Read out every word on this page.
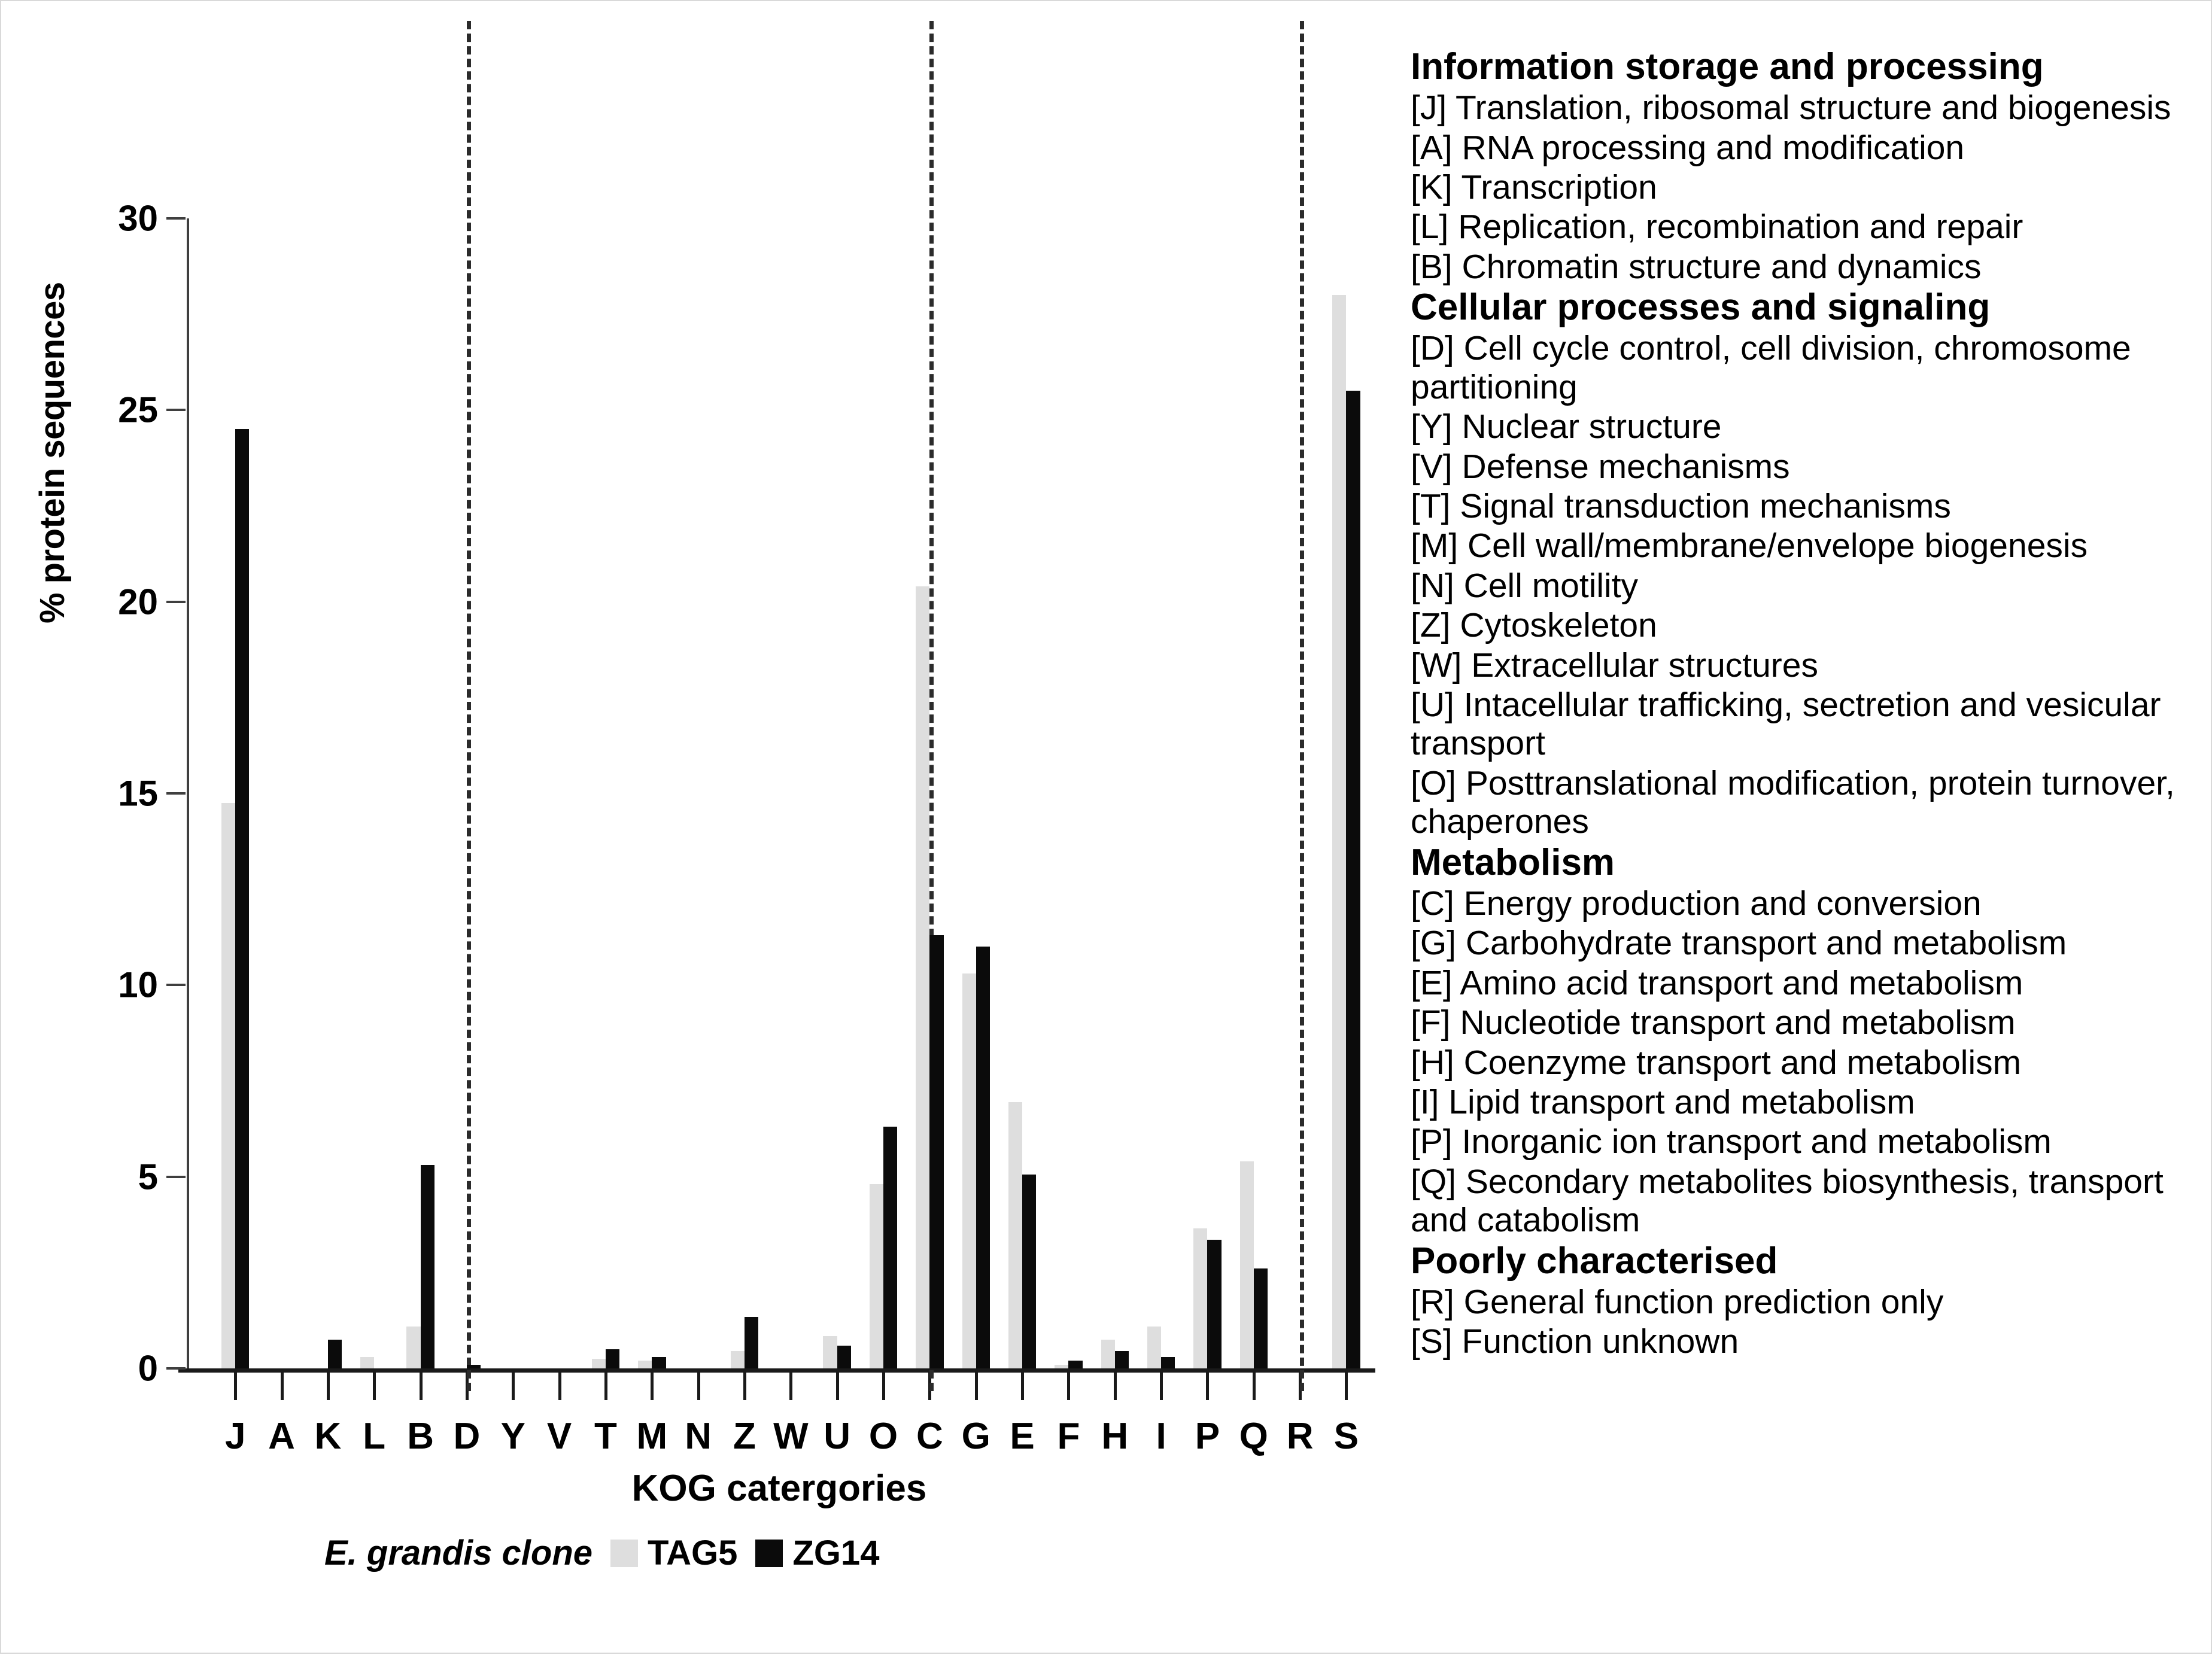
% protein sequences
0
5
10
15
20
25
30
J A K L B D Y V T M N Z W U O C G E F H I P Q R S
KOG catergories
E. grandis clone TAG5 ZG14
Information storage and processing
[J] Translation, ribosomal structure and biogenesis
[A] RNA processing and modification
[K] Transcription
[L] Replication, recombination and repair
[B] Chromatin structure and dynamics
Cellular processes and signaling
[D] Cell cycle control, cell division, chromosome partitioning
[Y] Nuclear structure
[V] Defense mechanisms
[T] Signal transduction mechanisms
[M] Cell wall/membrane/envelope biogenesis
[N] Cell motility
[Z] Cytoskeleton
[W] Extracellular structures
[U] Intacellular trafficking, sectretion and vesicular transport
[O] Posttranslational modification, protein turnover, chaperones
Metabolism
[C] Energy production and conversion
[G] Carbohydrate transport and metabolism
[E] Amino acid transport and metabolism
[F] Nucleotide transport and metabolism
[H] Coenzyme transport and metabolism
[I] Lipid transport and metabolism
[P] Inorganic ion transport and metabolism
[Q] Secondary metabolites biosynthesis, transport and catabolism
Poorly characterised
[R] General function prediction only
[S] Function unknown
